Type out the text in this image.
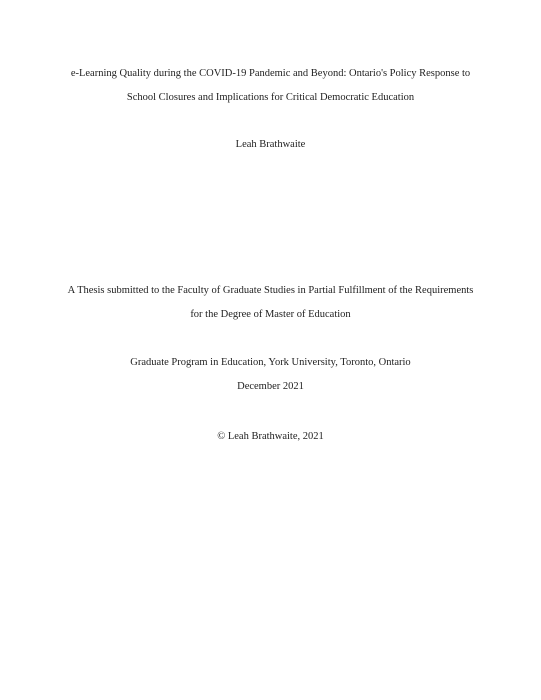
e-Learning Quality during the COVID-19 Pandemic and Beyond: Ontario's Policy Response to
School Closures and Implications for Critical Democratic Education
Leah Brathwaite
A Thesis submitted to the Faculty of Graduate Studies in Partial Fulfillment of the Requirements
for the Degree of Master of Education
Graduate Program in Education, York University, Toronto, Ontario
December 2021
© Leah Brathwaite, 2021
